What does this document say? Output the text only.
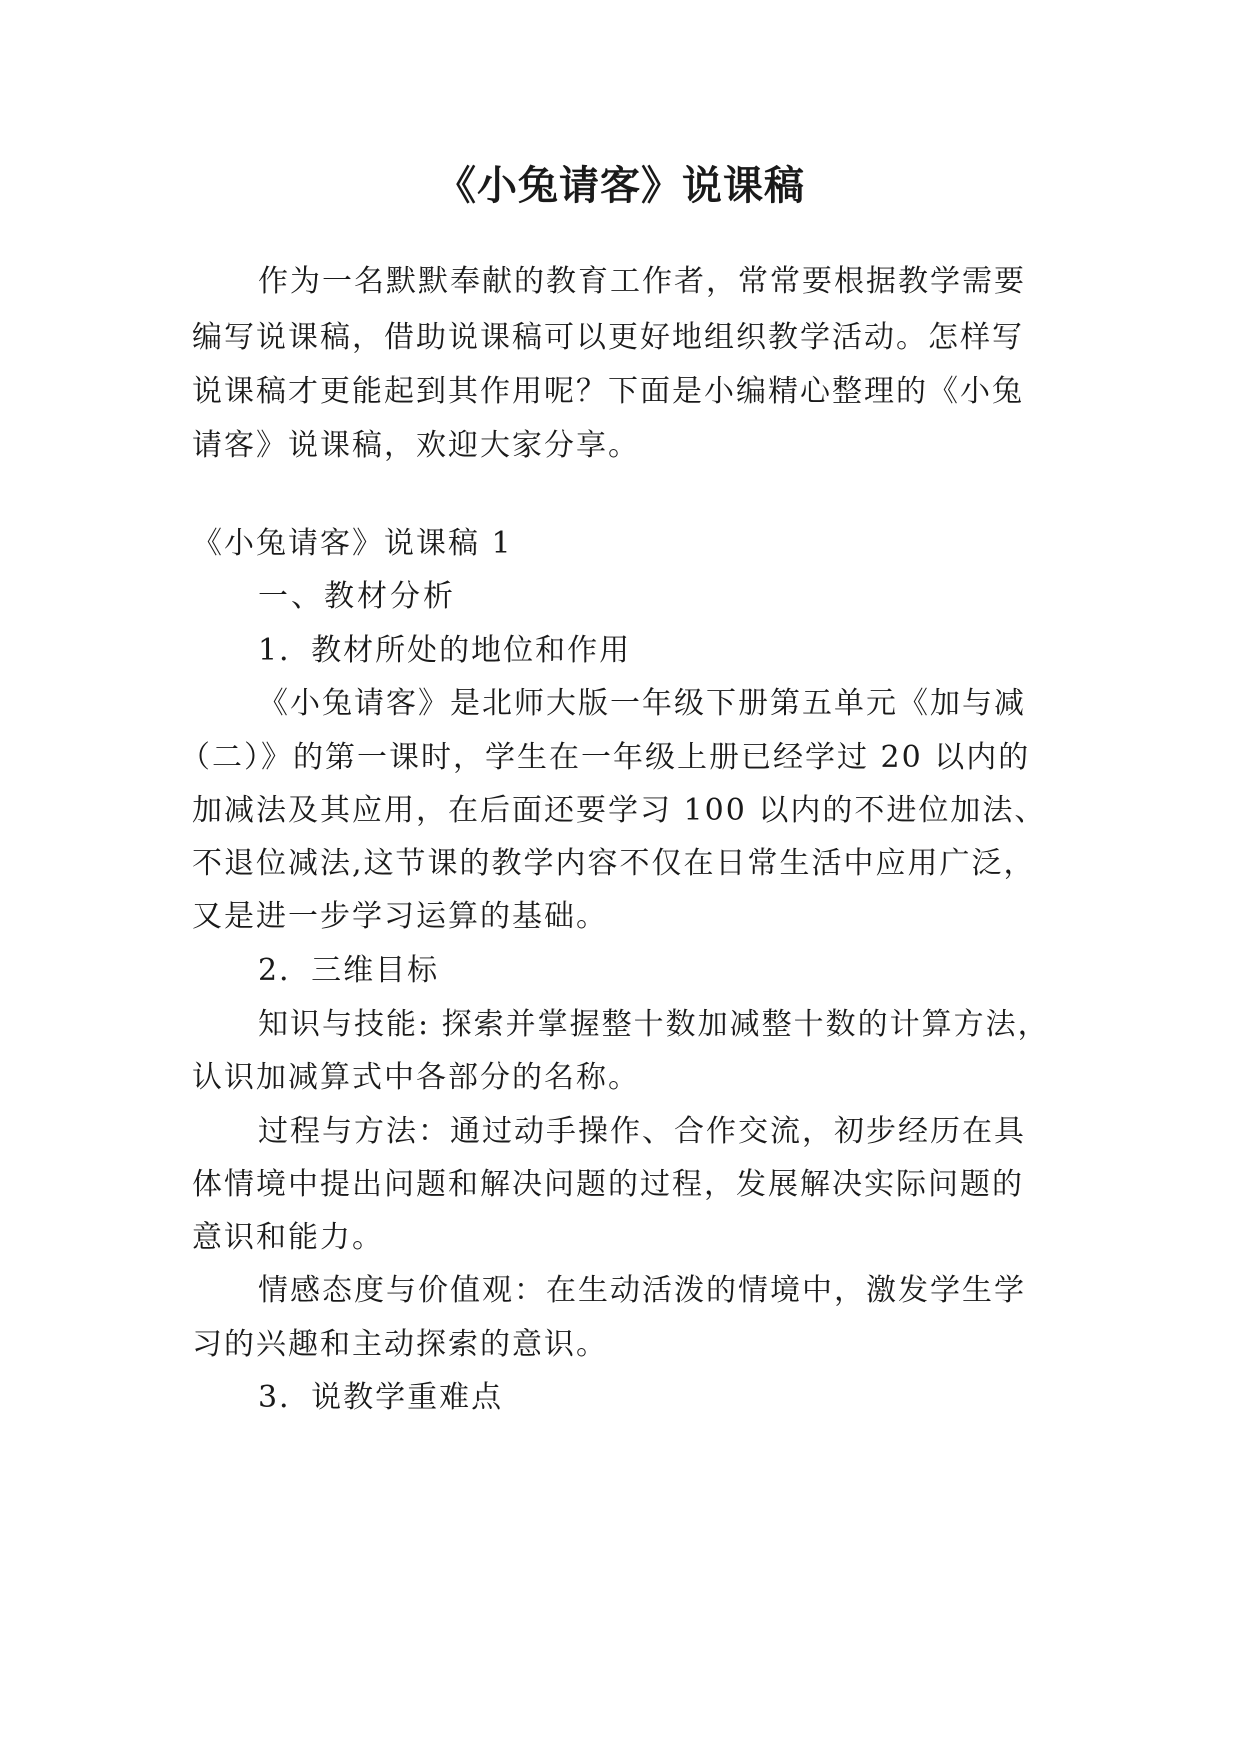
《小兔请客》说课稿

作为一名默默奉献的教育工作者，常常要根据教学需要

编写说课稿，借助说课稿可以更好地组织教学活动。怎样写

说课稿才更能起到其作用呢？下面是小编精心整理的《小兔

请客》说课稿，欢迎大家分享。

《小兔请客》说课稿 1

一、教材分析

1．教材所处的地位和作用

《小兔请客》是北师大版一年级下册第五单元《加与减

（二）》的第一课时，学生在一年级上册已经学过 20 以内的

加减法及其应用，在后面还要学习 100 以内的不进位加法、

不退位减法,这节课的教学内容不仅在日常生活中应用广泛，

又是进一步学习运算的基础。

2．三维目标

知识与技能: 探索并掌握整十数加减整十数的计算方法，

认识加减算式中各部分的名称。

过程与方法：通过动手操作、合作交流，初步经历在具

体情境中提出问题和解决问题的过程，发展解决实际问题的

意识和能力。

情感态度与价值观：在生动活泼的情境中，激发学生学

习的兴趣和主动探索的意识。

3．说教学重难点
